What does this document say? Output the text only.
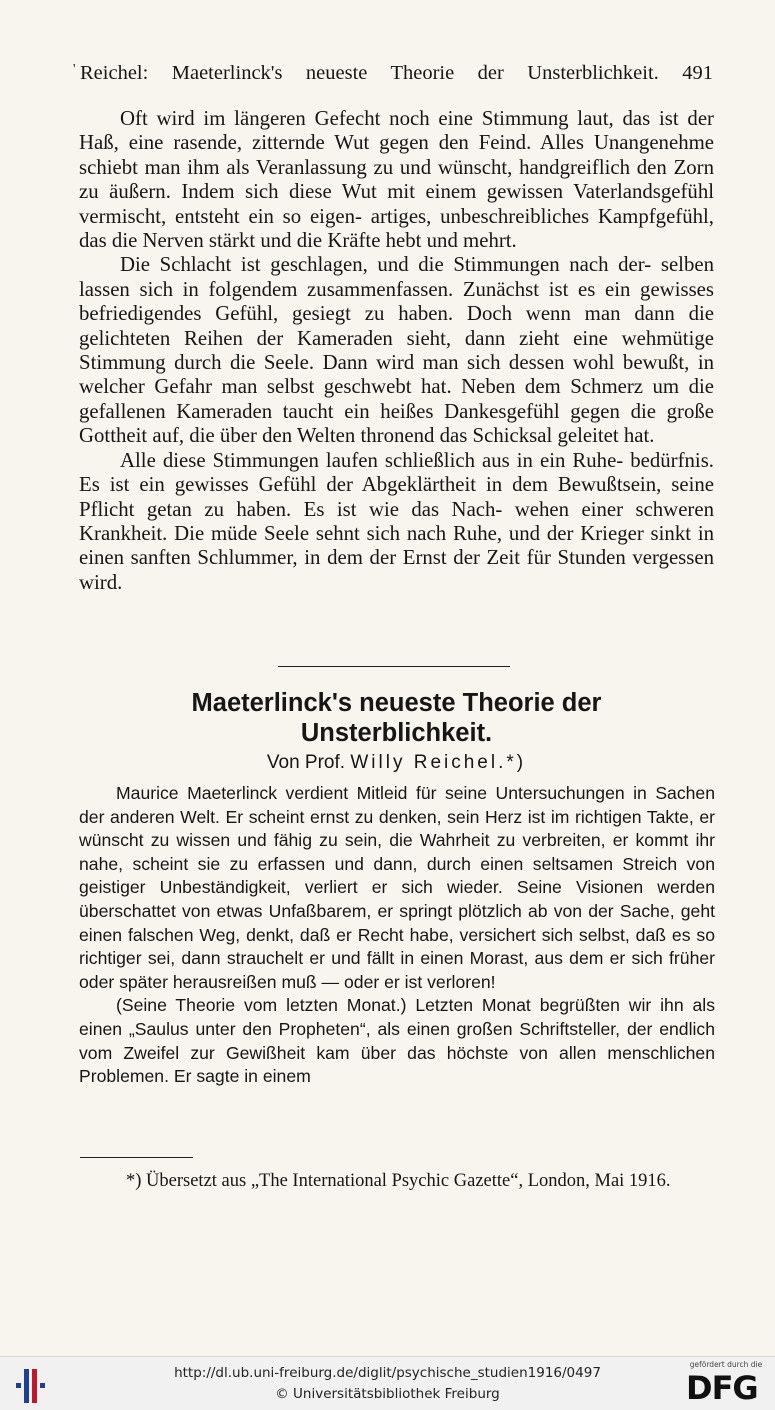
' Reichel: Maeterlinck's neueste Theorie der Unsterblichkeit. 491

Oft wird im längeren Gefecht noch eine Stimmung laut, das ist der Haß, eine rasende, zitternde Wut gegen den Feind. Alles Unangenehme schiebt man ihm als Veranlassung zu und wünscht, handgreiflich den Zorn zu äußern. Indem sich diese Wut mit einem gewissen Vaterlandsgefühl vermischt, entsteht ein so eigen- artiges, unbeschreibliches Kampfgefühl, das die Nerven stärkt und die Kräfte hebt und mehrt.

Die Schlacht ist geschlagen, und die Stimmungen nach der- selben lassen sich in folgendem zusammenfassen. Zunächst ist es ein gewisses befriedigendes Gefühl, gesiegt zu haben. Doch wenn man dann die gelichteten Reihen der Kameraden sieht, dann zieht eine wehmütige Stimmung durch die Seele. Dann wird man sich dessen wohl bewußt, in welcher Gefahr man selbst geschwebt hat. Neben dem Schmerz um die gefallenen Kameraden taucht ein heißes Dankesgefühl gegen die große Gottheit auf, die über den Welten thronend das Schicksal geleitet hat.

Alle diese Stimmungen laufen schließlich aus in ein Ruhe- bedürfnis. Es ist ein gewisses Gefühl der Abgeklärtheit in dem Bewußtsein, seine Pflicht getan zu haben. Es ist wie das Nach- wehen einer schweren Krankheit. Die müde Seele sehnt sich nach Ruhe, und der Krieger sinkt in einen sanften Schlummer, in dem der Ernst der Zeit für Stunden vergessen wird.

Maeterlinck's neueste Theorie der
Unsterblichkeit.
Von Prof. Willy Reichel.*)

Maurice Maeterlinck verdient Mitleid für seine Untersuchungen in Sachen der anderen Welt. Er scheint ernst zu denken, sein Herz ist im richtigen Takte, er wünscht zu wissen und fähig zu sein, die Wahrheit zu verbreiten, er kommt ihr nahe, scheint sie zu erfassen und dann, durch einen seltsamen Streich von geistiger Unbeständigkeit, verliert er sich wieder. Seine Visionen werden überschattet von etwas Unfaßbarem, er springt plötzlich ab von der Sache, geht einen falschen Weg, denkt, daß er Recht habe, versichert sich selbst, daß es so richtiger sei, dann strauchelt er und fällt in einen Morast, aus dem er sich früher oder später herausreißen muß — oder er ist verloren!

(Seine Theorie vom letzten Monat.) Letzten Monat begrüßten wir ihn als einen „Saulus unter den Propheten“, als einen großen Schriftsteller, der endlich vom Zweifel zur Gewißheit kam über das höchste von allen menschlichen Problemen. Er sagte in einem

*) Übersetzt aus „The International Psychic Gazette“, London, Mai 1916.
http://dl.ub.uni-freiburg.de/diglit/psychische_studien1916/0497
© Universitätsbibliothek Freiburg
gefördert durch die
DFG
